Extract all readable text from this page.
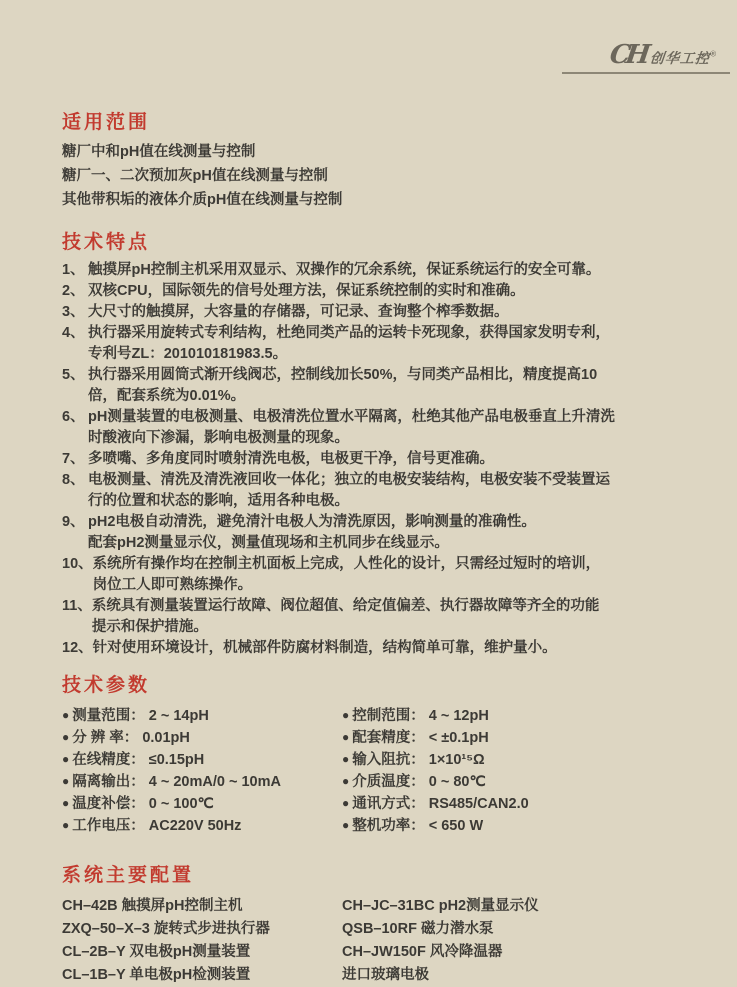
CH 创华工控®
适用范围
糖厂中和pH值在线测量与控制
糖厂一、二次预加灰pH值在线测量与控制
其他带积垢的液体介质pH值在线测量与控制
技术特点
1、 触摸屏pH控制主机采用双显示、双操作的冗余系统，保证系统运行的安全可靠。
2、 双核CPU，国际领先的信号处理方法，保证系统控制的实时和准确。
3、 大尺寸的触摸屏，大容量的存储器，可记录、查询整个榨季数据。
4、 执行器采用旋转式专利结构，杜绝同类产品的运转卡死现象，获得国家发明专利，
专利号ZL：201010181983.5。
5、 执行器采用圆筒式渐开线阀芯，控制线加长50%，与同类产品相比，精度提高10
倍，配套系统为0.01%。
6、 pH测量装置的电极测量、电极清洗位置水平隔离，杜绝其他产品电极垂直上升清洗
时酸液向下渗漏，影响电极测量的现象。
7、 多喷嘴、多角度同时喷射清洗电极，电极更干净，信号更准确。
8、 电极测量、清洗及清洗液回收一体化；独立的电极安装结构，电极安装不受装置运
行的位置和状态的影响，适用各种电极。
9、 pH2电极自动清洗，避免清汁电极人为清洗原因，影响测量的准确性。
配套pH2测量显示仪，测量值现场和主机同步在线显示。
10、 系统所有操作均在控制主机面板上完成，人性化的设计，只需经过短时的培训，
岗位工人即可熟练操作。
11、 系统具有测量装置运行故障、阀位超值、给定值偏差、执行器故障等齐全的功能
提示和保护措施。
12、 针对使用环境设计，机械部件防腐材料制造，结构简单可靠，维护量小。
技术参数
● 测量范围： 2 ~ 14pH
● 分 辨 率： 0.01pH
● 在线精度： ≤0.15pH
● 隔离输出： 4 ~ 20mA/0 ~ 10mA
● 温度补偿： 0 ~ 100℃
● 工作电压： AC220V 50Hz
● 控制范围： 4 ~ 12pH
● 配套精度： < ±0.1pH
● 输入阻抗： 1×10¹⁵Ω
● 介质温度： 0 ~ 80℃
● 通讯方式： RS485/CAN2.0
● 整机功率： < 650 W
系统主要配置
CH–42B 触摸屏pH控制主机
ZXQ–50–X–3 旋转式步进执行器
CL–2B–Y 双电极pH测量装置
CL–1B–Y 单电极pH检测装置
CH–JC–31BC pH2测量显示仪
QSB–10RF 磁力潜水泵
CH–JW150F 风冷降温器
进口玻璃电极
